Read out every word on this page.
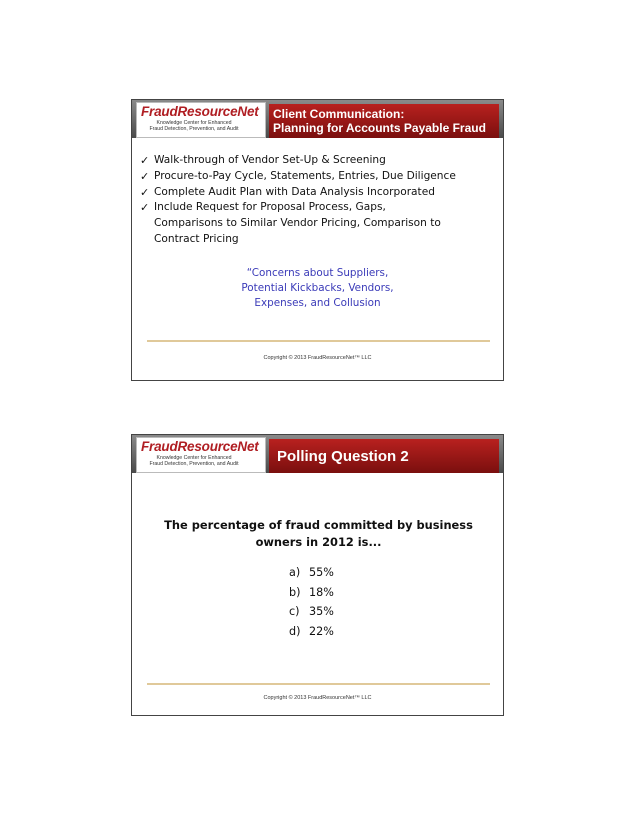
FraudResourceNet
Knowledge Center for Enhanced
Fraud Detection, Prevention, and Audit
Client Communication:
Planning for Accounts Payable Fraud
✓ Walk-through of Vendor Set-Up & Screening
✓ Procure-to-Pay Cycle, Statements, Entries, Due Diligence
✓ Complete Audit Plan with Data Analysis Incorporated
✓ Include Request for Proposal Process, Gaps,
Comparisons to Similar Vendor Pricing, Comparison to
Contract Pricing
“Concerns about Suppliers,
Potential Kickbacks, Vendors,
Expenses, and Collusion
Copyright © 2013 FraudResourceNet™ LLC
FraudResourceNet
Knowledge Center for Enhanced
Fraud Detection, Prevention, and Audit	Polling Question 2
The percentage of fraud committed by business
owners in 2012 is...
a) 55%
b) 18%
c) 35%
d) 22%
Copyright © 2013 FraudResourceNet™ LLC
